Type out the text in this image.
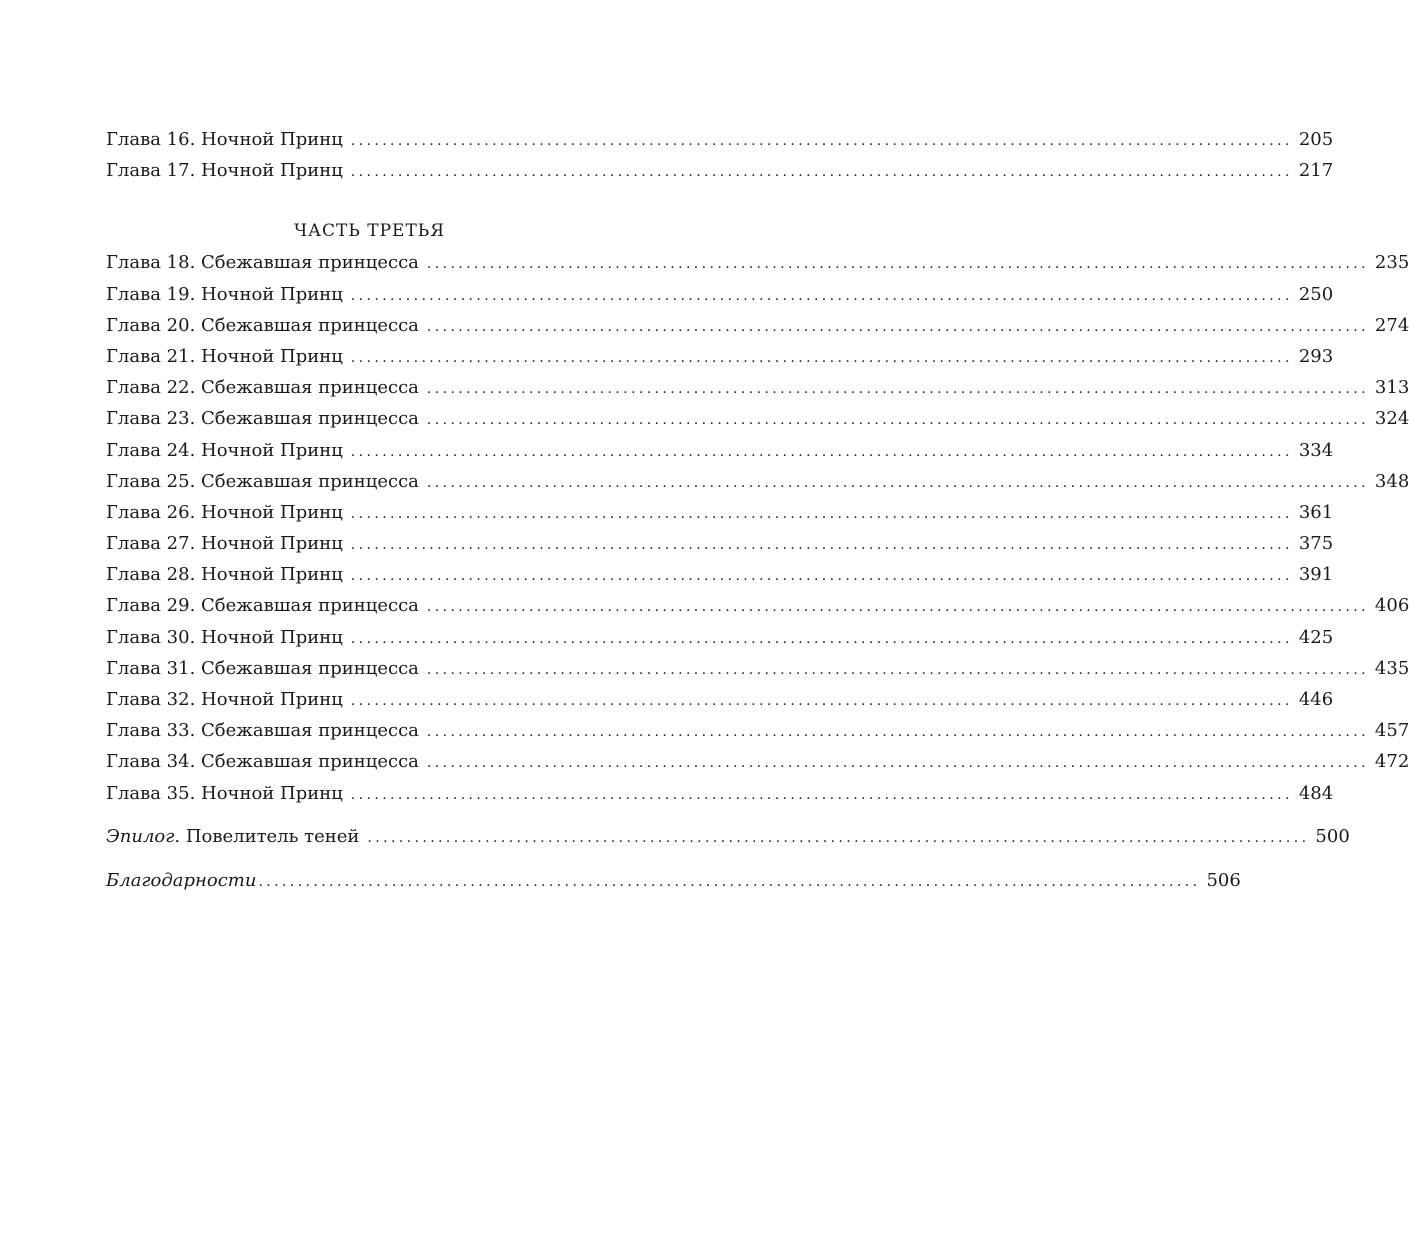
Глава 16. Ночной Принц ........................................................................................................................ 205
Глава 17. Ночной Принц ........................................................................................................................ 217
ЧАСТЬ ТРЕТЬЯ
Глава 18. Сбежавшая принцесса ........................................................................................................................ 235
Глава 19. Ночной Принц ........................................................................................................................ 250
Глава 20. Сбежавшая принцесса ........................................................................................................................ 274
Глава 21. Ночной Принц ........................................................................................................................ 293
Глава 22. Сбежавшая принцесса ........................................................................................................................ 313
Глава 23. Сбежавшая принцесса ........................................................................................................................ 324
Глава 24. Ночной Принц ........................................................................................................................ 334
Глава 25. Сбежавшая принцесса ........................................................................................................................ 348
Глава 26. Ночной Принц ........................................................................................................................ 361
Глава 27. Ночной Принц ........................................................................................................................ 375
Глава 28. Ночной Принц ........................................................................................................................ 391
Глава 29. Сбежавшая принцесса ........................................................................................................................ 406
Глава 30. Ночной Принц ........................................................................................................................ 425
Глава 31. Сбежавшая принцесса ........................................................................................................................ 435
Глава 32. Ночной Принц ........................................................................................................................ 446
Глава 33. Сбежавшая принцесса ........................................................................................................................ 457
Глава 34. Сбежавшая принцесса ........................................................................................................................ 472
Глава 35. Ночной Принц ........................................................................................................................ 484
Эпилог. Повелитель теней ........................................................................................................................ 500
Благодарности ........................................................................................................................ 506
